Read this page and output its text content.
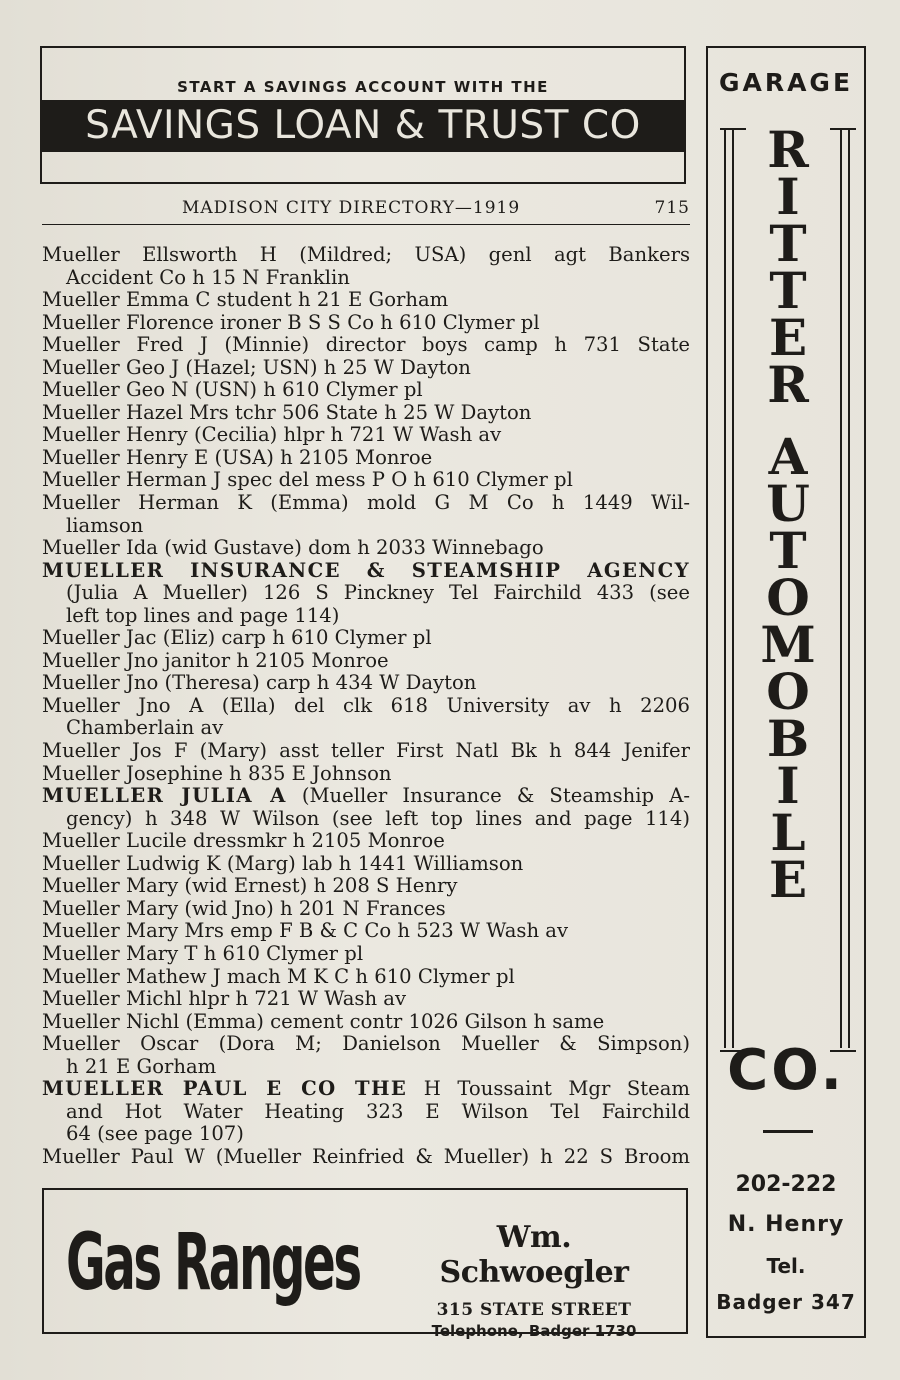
START A SAVINGS ACCOUNT WITH THE
SAVINGS LOAN & TRUST CO
MADISON CITY DIRECTORY—1919	715
Mueller Ellsworth H (Mildred; USA) genl agt Bankers
Accident Co h 15 N Franklin
Mueller Emma C student h 21 E Gorham
Mueller Florence ironer B S S Co h 610 Clymer pl
Mueller Fred J (Minnie) director boys camp h 731 State
Mueller Geo J (Hazel; USN) h 25 W Dayton
Mueller Geo N (USN) h 610 Clymer pl
Mueller Hazel Mrs tchr 506 State h 25 W Dayton
Mueller Henry (Cecilia) hlpr h 721 W Wash av
Mueller Henry E (USA) h 2105 Monroe
Mueller Herman J spec del mess P O h 610 Clymer pl
Mueller Herman K (Emma) mold G M Co h 1449 Wil-
liamson
Mueller Ida (wid Gustave) dom h 2033 Winnebago
MUELLER INSURANCE & STEAMSHIP AGENCY
(Julia A Mueller) 126 S Pinckney Tel Fairchild 433 (see
left top lines and page 114)
Mueller Jac (Eliz) carp h 610 Clymer pl
Mueller Jno janitor h 2105 Monroe
Mueller Jno (Theresa) carp h 434 W Dayton
Mueller Jno A (Ella) del clk 618 University av h 2206
Chamberlain av
Mueller Jos F (Mary) asst teller First Natl Bk h 844 Jenifer
Mueller Josephine h 835 E Johnson
MUELLER JULIA A (Mueller Insurance & Steamship A-
gency) h 348 W Wilson (see left top lines and page 114)
Mueller Lucile dressmkr h 2105 Monroe
Mueller Ludwig K (Marg) lab h 1441 Williamson
Mueller Mary (wid Ernest) h 208 S Henry
Mueller Mary (wid Jno) h 201 N Frances
Mueller Mary Mrs emp F B & C Co h 523 W Wash av
Mueller Mary T h 610 Clymer pl
Mueller Mathew J mach M K C h 610 Clymer pl
Mueller Michl hlpr h 721 W Wash av
Mueller Nichl (Emma) cement contr 1026 Gilson h same
Mueller Oscar (Dora M; Danielson Mueller & Simpson)
h 21 E Gorham
MUELLER PAUL E CO THE H Toussaint Mgr Steam
and Hot Water Heating 323 E Wilson Tel Fairchild
64 (see page 107)
Mueller Paul W (Mueller Reinfried & Mueller) h 22 S Broom
Gas Ranges	Wm. Schwoegler
315 STATE STREET
Telephone, Badger 1730
GARAGE
R
I
T
T
E
R
A
U
T
O
M
O
B
I
L
E
CO.
202-222
N. Henry
Tel.
Badger 347
